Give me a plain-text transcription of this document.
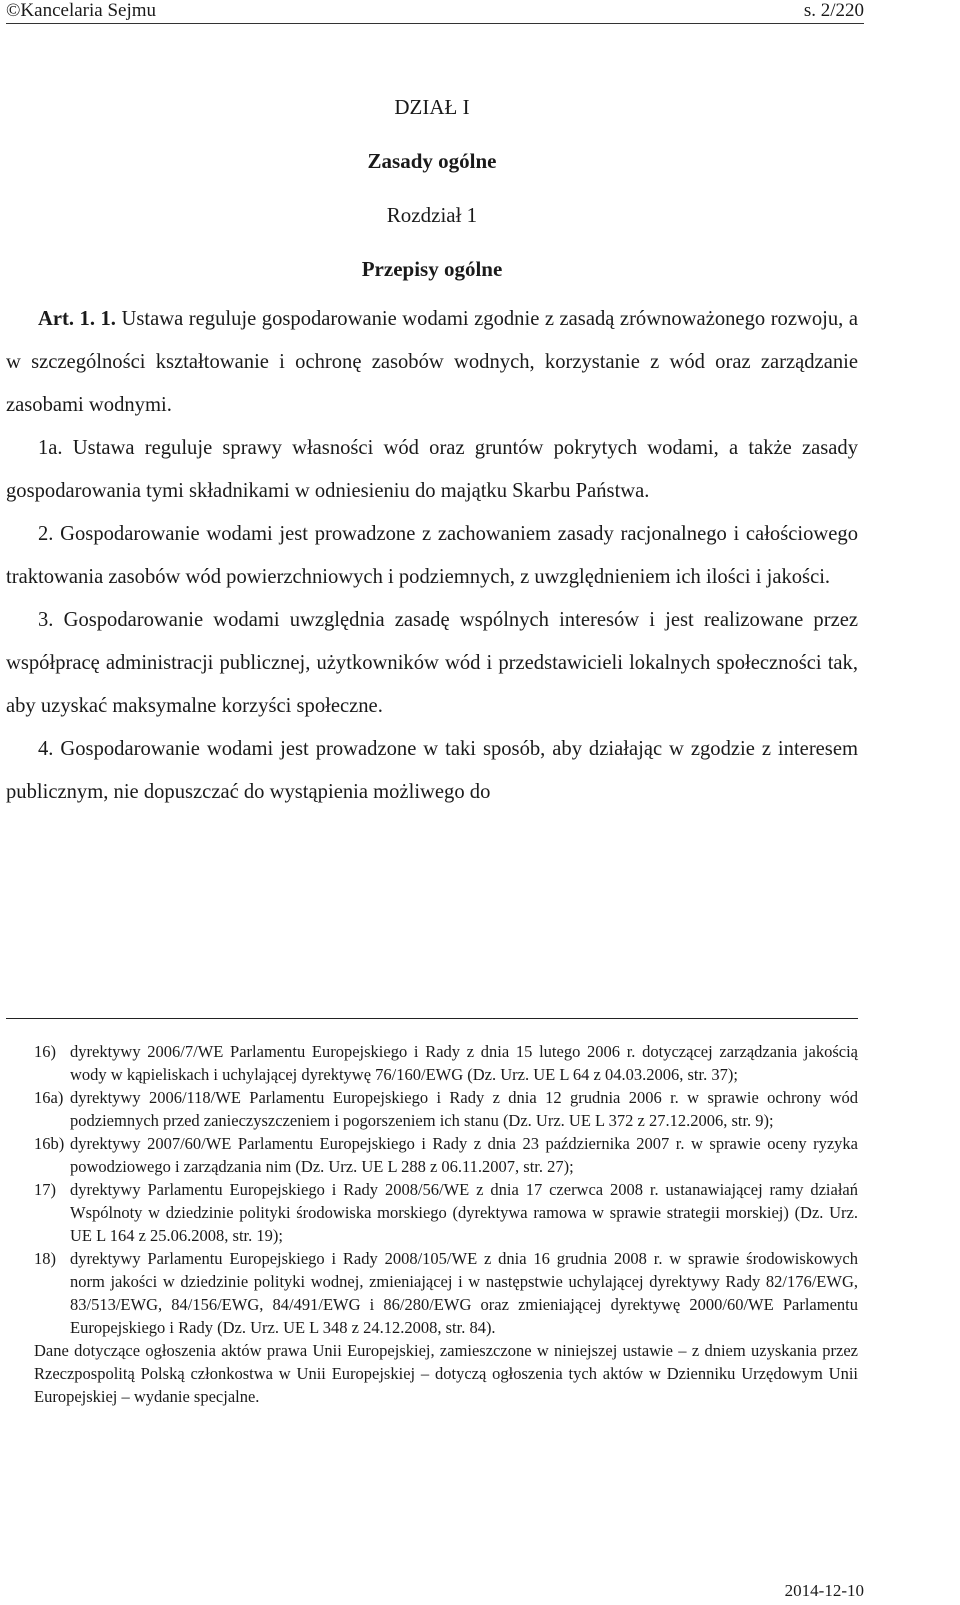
©Kancelaria Sejmu	s. 2/220

DZIAŁ I

Zasady ogólne

Rozdział 1

Przepisy ogólne

Art. 1. 1. Ustawa reguluje gospodarowanie wodami zgodnie z zasadą zrównoważonego rozwoju, a w szczególności kształtowanie i ochronę zasobów wodnych, korzystanie z wód oraz zarządzanie zasobami wodnymi.

1a. Ustawa reguluje sprawy własności wód oraz gruntów pokrytych wodami, a także zasady gospodarowania tymi składnikami w odniesieniu do majątku Skarbu Państwa.

2. Gospodarowanie wodami jest prowadzone z zachowaniem zasady racjonalnego i całościowego traktowania zasobów wód powierzchniowych i podziemnych, z uwzględnieniem ich ilości i jakości.

3. Gospodarowanie wodami uwzględnia zasadę wspólnych interesów i jest realizowane przez współpracę administracji publicznej, użytkowników wód i przedstawicieli lokalnych społeczności tak, aby uzyskać maksymalne korzyści społeczne.

4. Gospodarowanie wodami jest prowadzone w taki sposób, aby działając w zgodzie z interesem publicznym, nie dopuszczać do wystąpienia możliwego do

16) dyrektywy 2006/7/WE Parlamentu Europejskiego i Rady z dnia 15 lutego 2006 r. dotyczącej zarządzania jakością wody w kąpieliskach i uchylającej dyrektywę 76/160/EWG (Dz. Urz. UE L 64 z 04.03.2006, str. 37);
16a) dyrektywy 2006/118/WE Parlamentu Europejskiego i Rady z dnia 12 grudnia 2006 r. w sprawie ochrony wód podziemnych przed zanieczyszczeniem i pogorszeniem ich stanu (Dz. Urz. UE L 372 z 27.12.2006, str. 9);
16b) dyrektywy 2007/60/WE Parlamentu Europejskiego i Rady z dnia 23 października 2007 r. w sprawie oceny ryzyka powodziowego i zarządzania nim (Dz. Urz. UE L 288 z 06.11.2007, str. 27);
17) dyrektywy Parlamentu Europejskiego i Rady 2008/56/WE z dnia 17 czerwca 2008 r. ustanawiającej ramy działań Wspólnoty w dziedzinie polityki środowiska morskiego (dyrektywa ramowa w sprawie strategii morskiej) (Dz. Urz. UE L 164 z 25.06.2008, str. 19);
18) dyrektywy Parlamentu Europejskiego i Rady 2008/105/WE z dnia 16 grudnia 2008 r. w sprawie środowiskowych norm jakości w dziedzinie polityki wodnej, zmieniającej i w następstwie uchylającej dyrektywy Rady 82/176/EWG, 83/513/EWG, 84/156/EWG, 84/491/EWG i 86/280/EWG oraz zmieniającej dyrektywę 2000/60/WE Parlamentu Europejskiego i Rady (Dz. Urz. UE L 348 z 24.12.2008, str. 84).

Dane dotyczące ogłoszenia aktów prawa Unii Europejskiej, zamieszczone w niniejszej ustawie – z dniem uzyskania przez Rzeczpospolitą Polską członkostwa w Unii Europejskiej – dotyczą ogłoszenia tych aktów w Dzienniku Urzędowym Unii Europejskiej – wydanie specjalne.

2014-12-10
